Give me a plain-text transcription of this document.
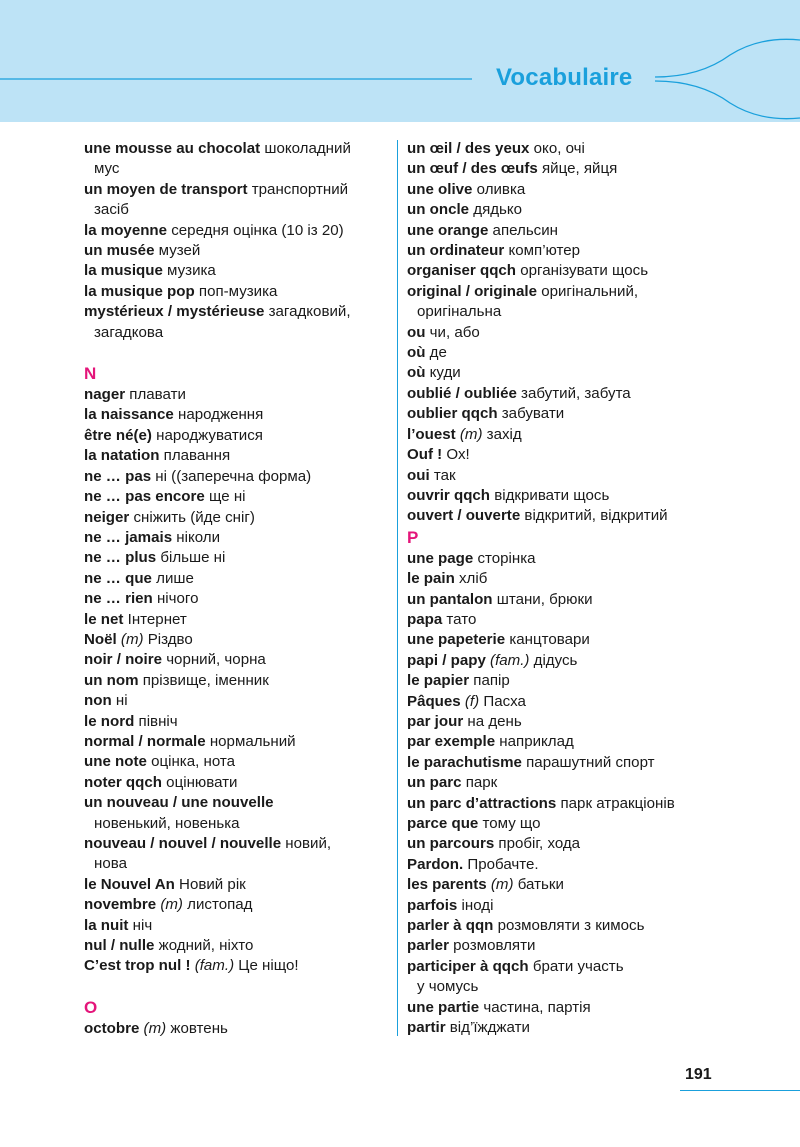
Vocabulaire
une mousse au chocolat шоколадний
мус
un moyen de transport транспортний
засіб
la moyenne середня оцінка (10 із 20)
un musée музей
la musique музика
la musique pop поп-музика
mystérieux / mystérieuse загадковий,
загадкова
N
nager плавати
la naissance народження
être né(e) народжуватися
la natation плавання
ne … pas ні ((заперечна форма)
ne … pas encore ще ні
neiger сніжить (йде сніг)
ne … jamais ніколи
ne … plus більше ні
ne … que лише
ne … rien нічого
le net Інтернет
Noël (m) Різдво
noir / noire чорний, чорна
un nom прізвище, іменник
non ні
le nord північ
normal / normale нормальний
une note оцінка, нота
noter qqch оцінювати
un nouveau / une nouvelle
новенький, новенька
nouveau / nouvel / nouvelle новий,
нова
le Nouvel An Новий рік
novembre (m) листопад
la nuit ніч
nul / nulle жодний, ніхто
C’est trop nul ! (fam.) Це ніщо!
O
octobre (m) жовтень
un œil / des yeux око, очі
un œuf / des œufs яйце, яйця
une olive оливка
un oncle дядько
une orange апельсин
un ordinateur комп’ютер
organiser qqch організувати щось
original / originale оригінальний,
оригінальна
ou чи, або
où де
où куди
oublié / oubliée забутий, забута
oublier qqch забувати
l’ouest (m) захід
Ouf ! Ох!
oui так
ouvrir qqch відкривати щось
ouvert / ouverte відкритий, відкритий
P
une page сторінка
le pain хліб
un pantalon штани, брюки
papa тато
une papeterie канцтовари
papi / papy (fam.) дідусь
le papier папір
Pâques (f) Пасха
par jour на день
par exemple наприклад
le parachutisme парашутний спорт
un parc парк
un parc d’attractions парк атракціонів
parce que тому що
un parcours пробіг, хода
Pardon. Пробачте.
les parents (m) батьки
parfois іноді
parler à qqn розмовляти з кимось
parler розмовляти
participer à qqch брати участь
у чомусь
une partie частина, партія
partir від’їжджати
191
